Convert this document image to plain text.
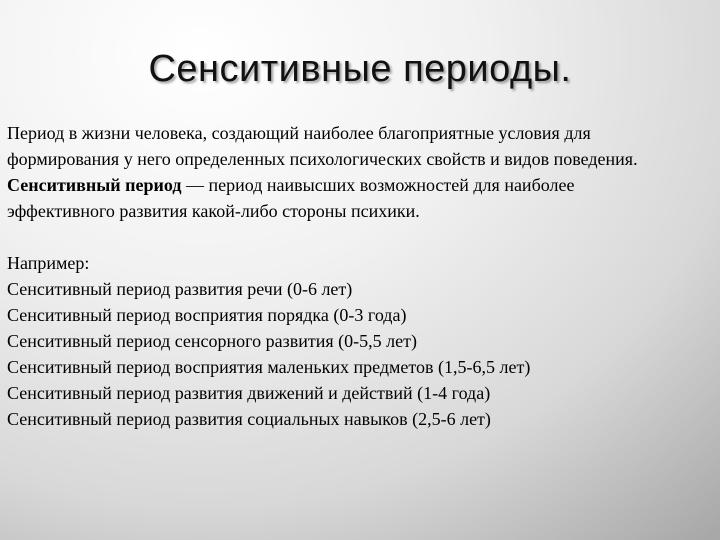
Сенситивные периоды.

Период в жизни человека, создающий наиболее благоприятные условия для

формирования у него определенных психологических свойств и видов поведения.

Сенситивный период — период наивысших возможностей для наиболее

эффективного развития какой-либо стороны психики.

Например:

Сенситивный период развития речи (0-6 лет)

Сенситивный период восприятия порядка (0-3 года)

Сенситивный период сенсорного развития (0-5,5 лет)

Сенситивный период восприятия маленьких предметов (1,5-6,5 лет)

Сенситивный период развития движений и действий (1-4 года)

Сенситивный период развития социальных навыков (2,5-6 лет)
